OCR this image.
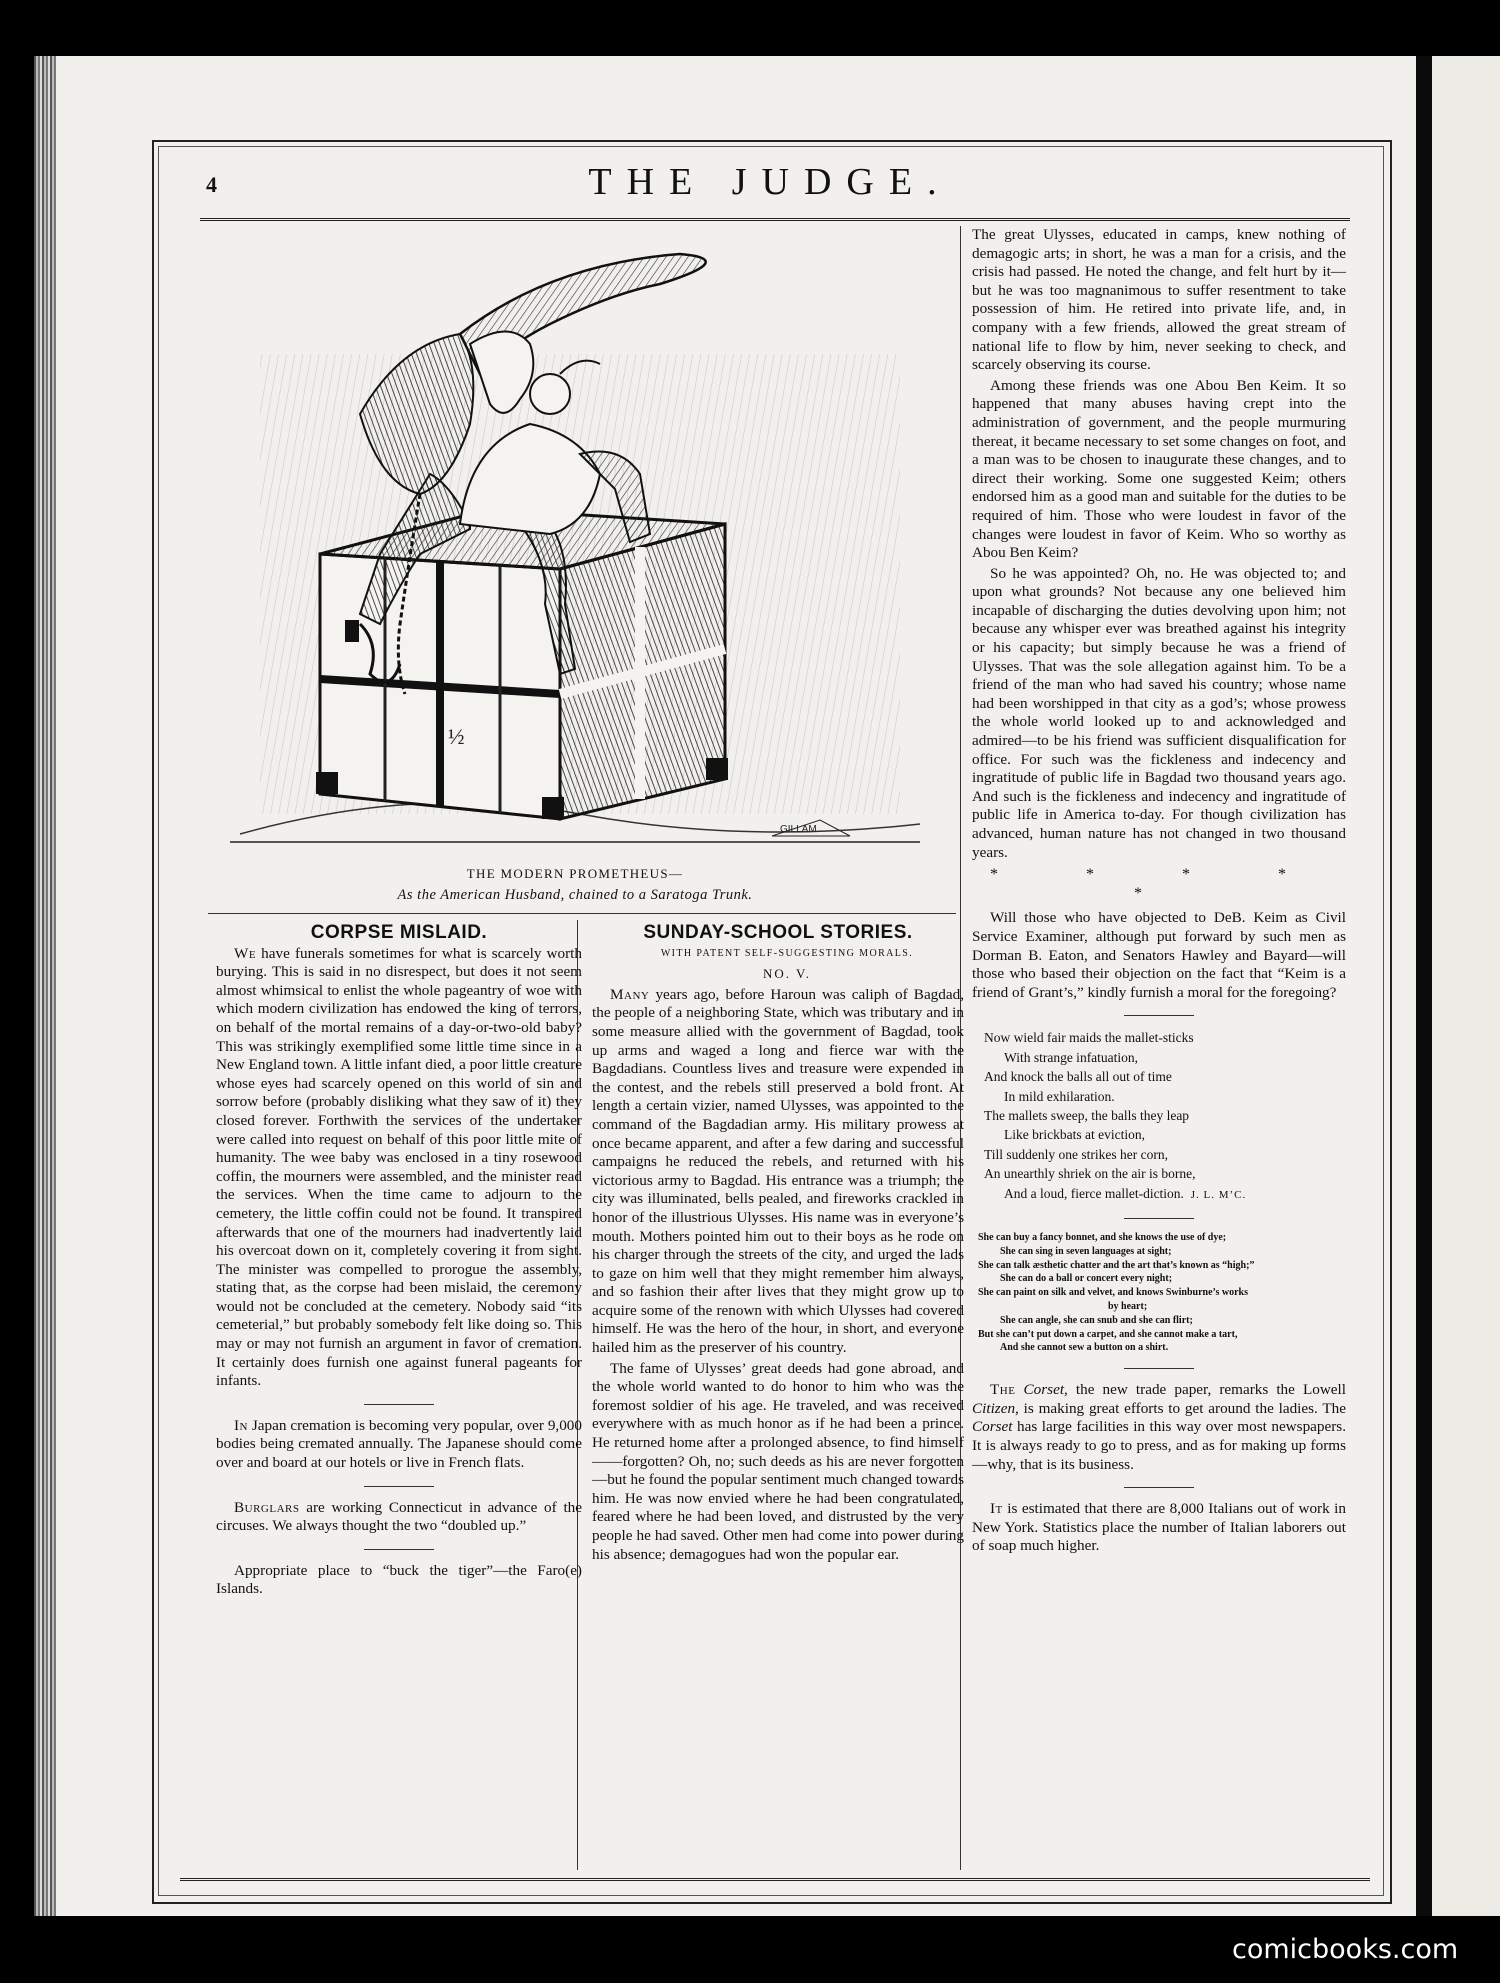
4	THE JUDGE.
½
GILLAM
THE MODERN PROMETHEUS—
As the American Husband, chained to a Saratoga Trunk.

CORPSE MISLAID.

We have funerals sometimes for what is scarcely worth burying. This is said in no disrespect, but does it not seem almost whimsical to enlist the whole pageantry of woe with which modern civilization has endowed the king of terrors, on behalf of the mortal remains of a day-or-two-old baby? This was strikingly exemplified some little time since in a New England town. A little infant died, a poor little creature whose eyes had scarcely opened on this world of sin and sorrow before (probably disliking what they saw of it) they closed forever. Forthwith the services of the undertaker were called into request on behalf of this poor little mite of humanity. The wee baby was enclosed in a tiny rosewood coffin, the mourners were assembled, and the minister read the services. When the time came to adjourn to the cemetery, the little coffin could not be found. It transpired afterwards that one of the mourners had inadvertently laid his overcoat down on it, completely covering it from sight. The minister was compelled to prorogue the assembly, stating that, as the corpse had been mislaid, the ceremony would not be concluded at the cemetery. Nobody said “its cemeterial,” but probably somebody felt like doing so. This may or may not furnish an argument in favor of cremation. It certainly does furnish one against funeral pageants for infants.

In Japan cremation is becoming very popular, over 9,000 bodies being cremated annually. The Japanese should come over and board at our hotels or live in French flats.

Burglars are working Connecticut in advance of the circuses. We always thought the two “doubled up.”

Appropriate place to “buck the tiger”—the Faro(e) Islands.

SUNDAY-SCHOOL STORIES.

WITH PATENT SELF-SUGGESTING MORALS.

NO. V.

Many years ago, before Haroun was caliph of Bagdad, the people of a neighboring State, which was tributary and in some measure allied with the government of Bagdad, took up arms and waged a long and fierce war with the Bagdadians. Countless lives and treasure were expended in the contest, and the rebels still preserved a bold front. At length a certain vizier, named Ulysses, was appointed to the command of the Bagdadian army. His military prowess at once became apparent, and after a few daring and successful campaigns he reduced the rebels, and returned with his victorious army to Bagdad. His entrance was a triumph; the city was illuminated, bells pealed, and fireworks crackled in honor of the illustrious Ulysses. His name was in everyone’s mouth. Mothers pointed him out to their boys as he rode on his charger through the streets of the city, and urged the lads to gaze on him well that they might remember him always, and so fashion their after lives that they might grow up to acquire some of the renown with which Ulysses had covered himself. He was the hero of the hour, in short, and everyone hailed him as the preserver of his country.

The fame of Ulysses’ great deeds had gone abroad, and the whole world wanted to do honor to him who was the foremost soldier of his age. He traveled, and was received everywhere with as much honor as if he had been a prince. He returned home after a prolonged absence, to find himself——forgotten? Oh, no; such deeds as his are never forgotten—but he found the popular sentiment much changed towards him. He was now envied where he had been congratulated, feared where he had been loved, and distrusted by the very people he had saved. Other men had come into power during his absence; demagogues had won the popular ear.

The great Ulysses, educated in camps, knew nothing of demagogic arts; in short, he was a man for a crisis, and the crisis had passed. He noted the change, and felt hurt by it—but he was too magnanimous to suffer resentment to take possession of him. He retired into private life, and, in company with a few friends, allowed the great stream of national life to flow by him, never seeking to check, and scarcely observing its course.

Among these friends was one Abou Ben Keim. It so happened that many abuses having crept into the administration of government, and the people murmuring thereat, it became necessary to set some changes on foot, and a man was to be chosen to inaugurate these changes, and to direct their working. Some one suggested Keim; others endorsed him as a good man and suitable for the duties to be required of him. Those who were loudest in favor of the changes were loudest in favor of Keim. Who so worthy as Abou Ben Keim?

So he was appointed? Oh, no. He was objected to; and upon what grounds? Not because any one believed him incapable of discharging the duties devolving upon him; not because any whisper ever was breathed against his integrity or his capacity; but simply because he was a friend of Ulysses. That was the sole allegation against him. To be a friend of the man who had saved his country; whose name had been worshipped in that city as a god’s; whose prowess the whole world looked up to and acknowledged and admired—to be his friend was sufficient disqualification for office. For such was the fickleness and indecency and ingratitude of public life in Bagdad two thousand years ago. And such is the fickleness and indecency and ingratitude of public life in America to-day. For though civilization has advanced, human nature has not changed in two thousand years.

* * * * *

Will those who have objected to DeB. Keim as Civil Service Examiner, although put forward by such men as Dorman B. Eaton, and Senators Hawley and Bayard—will those who based their objection on the fact that “Keim is a friend of Grant’s,” kindly furnish a moral for the foregoing?

Now wield fair maids the mallet-sticks
With strange infatuation,
And knock the balls all out of time
In mild exhilaration.
The mallets sweep, the balls they leap
Like brickbats at eviction,
Till suddenly one strikes her corn,
An unearthly shriek on the air is borne,
And a loud, fierce mallet-diction. J. L. M’C.
She can buy a fancy bonnet, and she knows the use of dye;
She can sing in seven languages at sight;
She can talk æsthetic chatter and the art that’s known as “high;”
She can do a ball or concert every night;
She can paint on silk and velvet, and knows Swinburne’s works
by heart;
She can angle, she can snub and she can flirt;
But she can’t put down a carpet, and she cannot make a tart,
And she cannot sew a button on a shirt.

The Corset, the new trade paper, remarks the Lowell Citizen, is making great efforts to get around the ladies. The Corset has large facilities in this way over most newspapers. It is always ready to go to press, and as for making up forms—why, that is its business.

It is estimated that there are 8,000 Italians out of work in New York. Statistics place the number of Italian laborers out of soap much higher.

comicbooks.com
